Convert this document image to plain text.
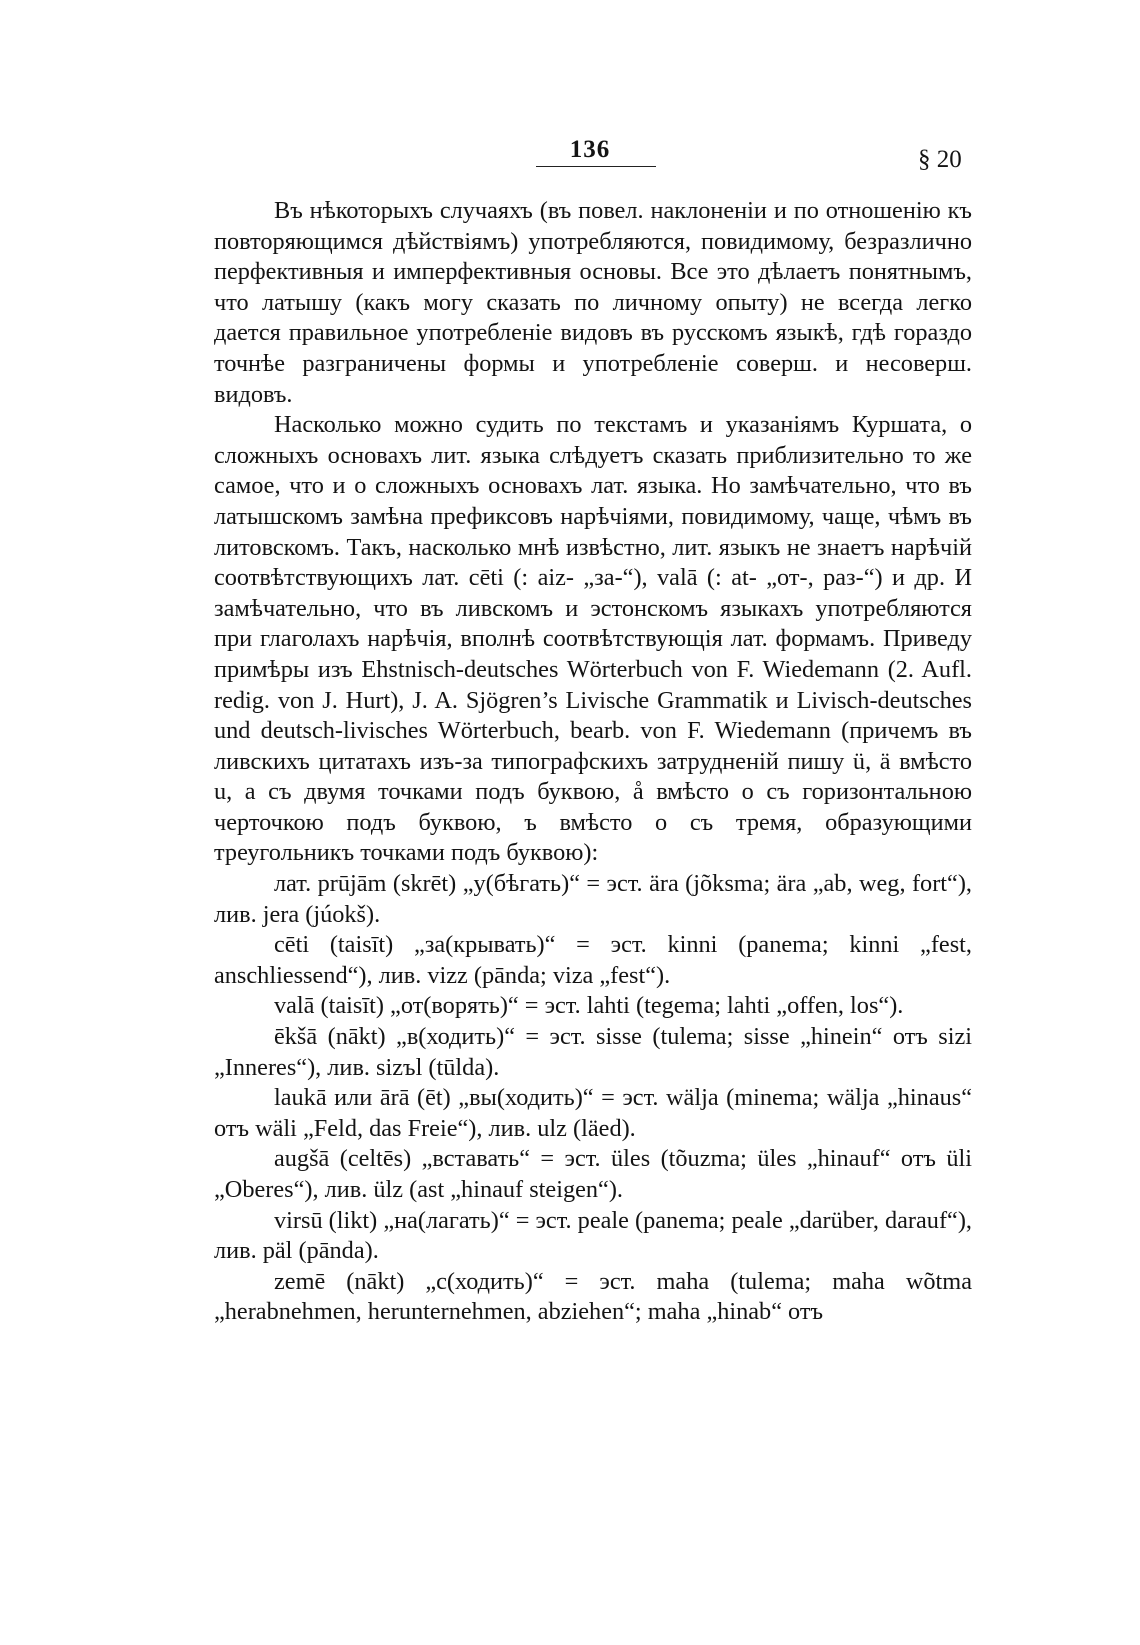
136	§ 20

Въ нѣкоторыхъ случаяхъ (въ повел. наклоненіи и по отношенію къ повторяющимся дѣйствіямъ) употребляются, повидимому, безразлично перфективныя и имперфективныя основы. Все это дѣлаетъ понятнымъ, что латышу (какъ могу сказать по личному опыту) не всегда легко дается правильное употребленіе видовъ въ русскомъ языкѣ, гдѣ гораздо точнѣе разграничены формы и употребленіе соверш. и несоверш. видовъ.

Насколько можно судить по текстамъ и указаніямъ Куршата, о сложныхъ основахъ лит. языка слѣдуетъ сказать приблизительно то же самое, что и о сложныхъ основахъ лат. языка. Но замѣчательно, что въ латышскомъ замѣна префиксовъ нарѣчіями, повидимому, чаще, чѣмъ въ литовскомъ. Такъ, насколько мнѣ извѣстно, лит. языкъ не знаетъ нарѣчій соотвѣтствующихъ лат. cēti (: aiz- „за-“), valā (: at- „от-, раз-“) и др. И замѣчательно, что въ ливскомъ и эстонскомъ языкахъ употребляются при глаголахъ нарѣчія, вполнѣ соотвѣтствующія лат. формамъ. Приведу примѣры изъ Ehstnisch-deutsches Wörterbuch von F. Wiedemann (2. Aufl. redig. von J. Hurt), J. A. Sjögren’s Livische Grammatik и Livisch-deutsches und deutsch-livisches Wörterbuch, bearb. von F. Wiedemann (причемъ въ ливскихъ цитатахъ изъ-за типографскихъ затрудненій пишу ü, ä вмѣсто u, а съ двумя точками подъ буквою, å вмѣсто o съ горизонтальною черточкою подъ буквою, ъ вмѣсто o съ тремя, образующими треугольникъ точками подъ буквою):

лат. prūjām (skrēt) „у(бѣгать)“ = эст. ära (jõksma; ära „ab, weg, fort“), лив. jera (júokš).

cēti (taisīt) „за(крывать)“ = эст. kinni (panema; kinni „fest, anschliessend“), лив. vizz (pānda; viza „fest“).

valā (taisīt) „от(ворять)“ = эст. lahti (tegema; lahti „offen, los“).

ēkšā (nākt) „в(ходить)“ = эст. sisse (tulema; sisse „hinein“ отъ sizi „Inneres“), лив. sizъl (tūlda).

laukā или ārā (ēt) „вы(ходить)“ = эст. wälja (minema; wälja „hinaus“ отъ wäli „Feld, das Freie“), лив. ulz (läed).

augšā (celtēs) „вставать“ = эст. üles (tõuzma; üles „hinauf“ отъ üli „Oberes“), лив. ülz (ast „hinauf steigen“).

virsū (likt) „на(лагать)“ = эст. peale (panema; peale „darüber, darauf“), лив. päl (pānda).

zemē (nākt) „с(ходить)“ = эст. maha (tulema; maha wõtma „herabnehmen, herunternehmen, abziehen“; maha „hinab“ отъ
